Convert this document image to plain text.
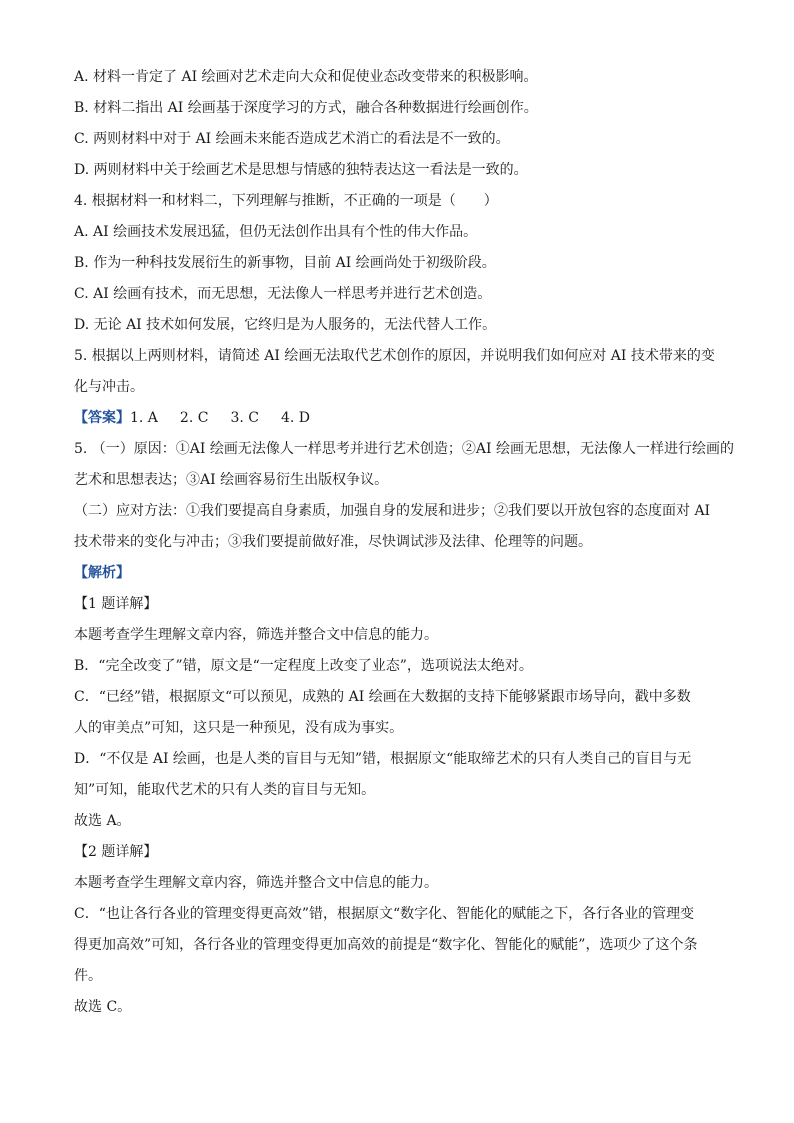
A. 材料一肯定了 AI 绘画对艺术走向大众和促使业态改变带来的积极影响。
B. 材料二指出 AI 绘画基于深度学习的方式，融合各种数据进行绘画创作。
C. 两则材料中对于 AI 绘画未来能否造成艺术消亡的看法是不一致的。
D. 两则材料中关于绘画艺术是思想与情感的独特表达这一看法是一致的。
4. 根据材料一和材料二，下列理解与推断，不正确的一项是（　　）
A. AI 绘画技术发展迅猛，但仍无法创作出具有个性的伟大作品。
B. 作为一种科技发展衍生的新事物，目前 AI 绘画尚处于初级阶段。
C. AI 绘画有技术，而无思想，无法像人一样思考并进行艺术创造。
D. 无论 AI 技术如何发展，它终归是为人服务的，无法代替人工作。
5. 根据以上两则材料，请简述 AI 绘画无法取代艺术创作的原因，并说明我们如何应对 AI 技术带来的变
化与冲击。
【答案】1. A 2. C 3. C 4. D
5. （一）原因：①AI 绘画无法像人一样思考并进行艺术创造；②AI 绘画无思想，无法像人一样进行绘画的
艺术和思想表达；③AI 绘画容易衍生出版权争议。
（二）应对方法：①我们要提高自身素质，加强自身的发展和进步；②我们要以开放包容的态度面对 AI
技术带来的变化与冲击；③我们要提前做好准，尽快调试涉及法律、伦理等的问题。
【解析】
【1 题详解】
本题考查学生理解文章内容，筛选并整合文中信息的能力。
B．“完全改变了”错，原文是“一定程度上改变了业态”，选项说法太绝对。
C．“已经”错，根据原文“可以预见，成熟的 AI 绘画在大数据的支持下能够紧跟市场导向，戳中多数
人的审美点”可知，这只是一种预见，没有成为事实。
D．“不仅是 AI 绘画，也是人类的盲目与无知”错，根据原文“能取缔艺术的只有人类自己的盲目与无
知”可知，能取代艺术的只有人类的盲目与无知。
故选 A。
【2 题详解】
本题考查学生理解文章内容，筛选并整合文中信息的能力。
C．“也让各行各业的管理变得更高效”错，根据原文“数字化、智能化的赋能之下，各行各业的管理变
得更加高效”可知，各行各业的管理变得更加高效的前提是“数字化、智能化的赋能”，选项少了这个条
件。
故选 C。
